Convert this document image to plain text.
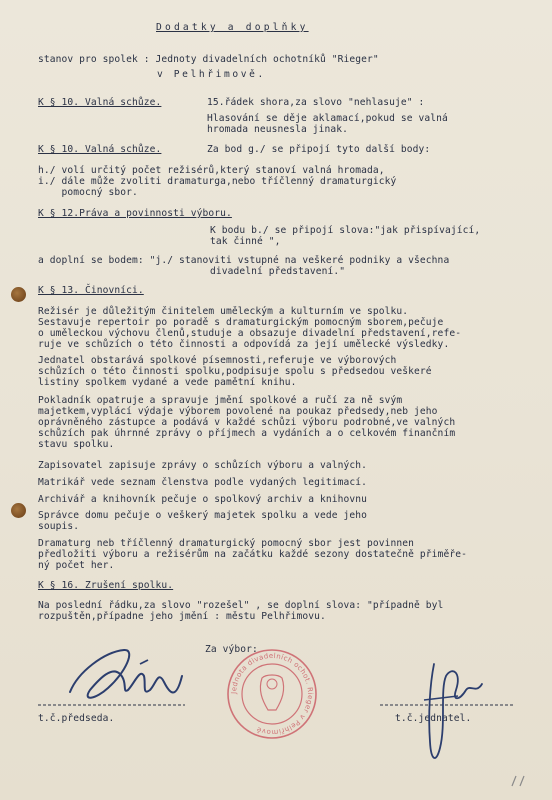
Dodatky a doplňky
stanov pro spolek : Jednoty divadelních ochotníků "Rieger"
v Pelhřimově.
K § 10. Valná schůze.	15.řádek shora,za slovo "nehlasuje" :
Hlasování se děje aklamací,pokud se valná
hromada neusnesla jinak.
K § 10. Valná schůze.	Za bod g./ se připojí tyto další body:
h./ volí určitý počet režisérů,který stanoví valná hromada,
i./ dále může zvoliti dramaturga,nebo tříčlenný dramaturgický
pomocný sbor.
K § 12.Práva a povinnosti výboru.
K bodu b./ se připojí slova:"jak přispívající,
tak činné ",
a doplní se bodem: "j./ stanoviti vstupné na veškeré podniky a všechna
divadelní představení."
K § 13. Činovníci.
Režisér je důležitým činitelem uměleckým a kulturním ve spolku.
Sestavuje repertoir po poradě s dramaturgickým pomocným sborem,pečuje
o uměleckou výchovu členů,studuje a obsazuje divadelní představení,refe-
ruje ve schůzích o této činnosti a odpovídá za její umělecké výsledky.
Jednatel obstarává spolkové písemnosti,referuje ve výborových
schůzích o této činnosti spolku,podpisuje spolu s předsedou veškeré
listiny spolkem vydané a vede pamětní knihu.
Pokladník opatruje a spravuje jmění spolkové a ručí za ně svým
majetkem,vyplácí výdaje výborem povolené na poukaz předsedy,neb jeho
oprávněného zástupce a podává v každé schůzi výboru podrobné,ve valných
schůzích pak úhrnné zprávy o příjmech a vydáních a o celkovém finančním
stavu spolku.
Zapisovatel zapisuje zprávy o schůzích výboru a valných.
Matrikář vede seznam členstva podle vydaných legitimací.
Archivář a knihovník pečuje o spolkový archiv a knihovnu
Správce domu pečuje o veškerý majetek spolku a vede jeho
soupis.
Dramaturg neb tříčlenný dramaturgický pomocný sbor jest povinnen
předložiti výboru a režisérům na začátku každé sezony dostatečně přiměře-
ný počet her.
K § 16. Zrušení spolku.
Na poslední řádku,za slovo "rozešel" , se doplní slova: "případně byl
rozpuštěn,případne jeho jmění : městu Pelhřimovu.
Za výbor:
t.č.předseda.	t.č.jednatel.
Jednota divadelních ochot. Rieger v Pelhřimově
